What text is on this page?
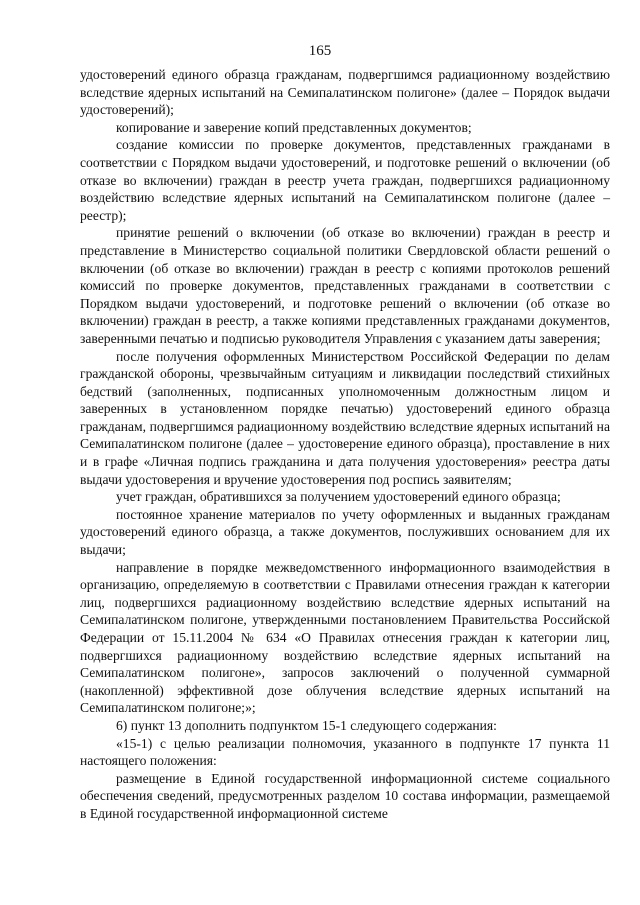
165

удостоверений единого образца гражданам, подвергшимся радиационному воздействию вследствие ядерных испытаний на Семипалатинском полигоне» (далее – Порядок выдачи удостоверений);

копирование и заверение копий представленных документов;

создание комиссии по проверке документов, представленных гражданами в соответствии с Порядком выдачи удостоверений, и подготовке решений о включении (об отказе во включении) граждан в реестр учета граждан, подвергшихся радиационному воздействию вследствие ядерных испытаний на Семипалатинском полигоне (далее – реестр);

принятие решений о включении (об отказе во включении) граждан в реестр и представление в Министерство социальной политики Свердловской области решений о включении (об отказе во включении) граждан в реестр с копиями протоколов решений комиссий по проверке документов, представленных гражданами в соответствии с Порядком выдачи удостоверений, и подготовке решений о включении (об отказе во включении) граждан в реестр, а также копиями представленных гражданами документов, заверенными печатью и подписью руководителя Управления с указанием даты заверения;

после получения оформленных Министерством Российской Федерации по делам гражданской обороны, чрезвычайным ситуациям и ликвидации последствий стихийных бедствий (заполненных, подписанных уполномоченным должностным лицом и заверенных в установленном порядке печатью) удостоверений единого образца гражданам, подвергшимся радиационному воздействию вследствие ядерных испытаний на Семипалатинском полигоне (далее – удостоверение единого образца), проставление в них и в графе «Личная подпись гражданина и дата получения удостоверения» реестра даты выдачи удостоверения и вручение удостоверения под роспись заявителям;

учет граждан, обратившихся за получением удостоверений единого образца;

постоянное хранение материалов по учету оформленных и выданных гражданам удостоверений единого образца, а также документов, послуживших основанием для их выдачи;

направление в порядке межведомственного информационного взаимодействия в организацию, определяемую в соответствии с Правилами отнесения граждан к категории лиц, подвергшихся радиационному воздействию вследствие ядерных испытаний на Семипалатинском полигоне, утвержденными постановлением Правительства Российской Федерации от 15.11.2004 № 634 «О Правилах отнесения граждан к категории лиц, подвергшихся радиационному воздействию вследствие ядерных испытаний на Семипалатинском полигоне», запросов заключений о полученной суммарной (накопленной) эффективной дозе облучения вследствие ядерных испытаний на Семипалатинском полигоне;»;

6) пункт 13 дополнить подпунктом 15-1 следующего содержания:

«15-1) с целью реализации полномочия, указанного в подпункте 17 пункта 11 настоящего положения:

размещение в Единой государственной информационной системе социального обеспечения сведений, предусмотренных разделом 10 состава информации, размещаемой в Единой государственной информационной системе
